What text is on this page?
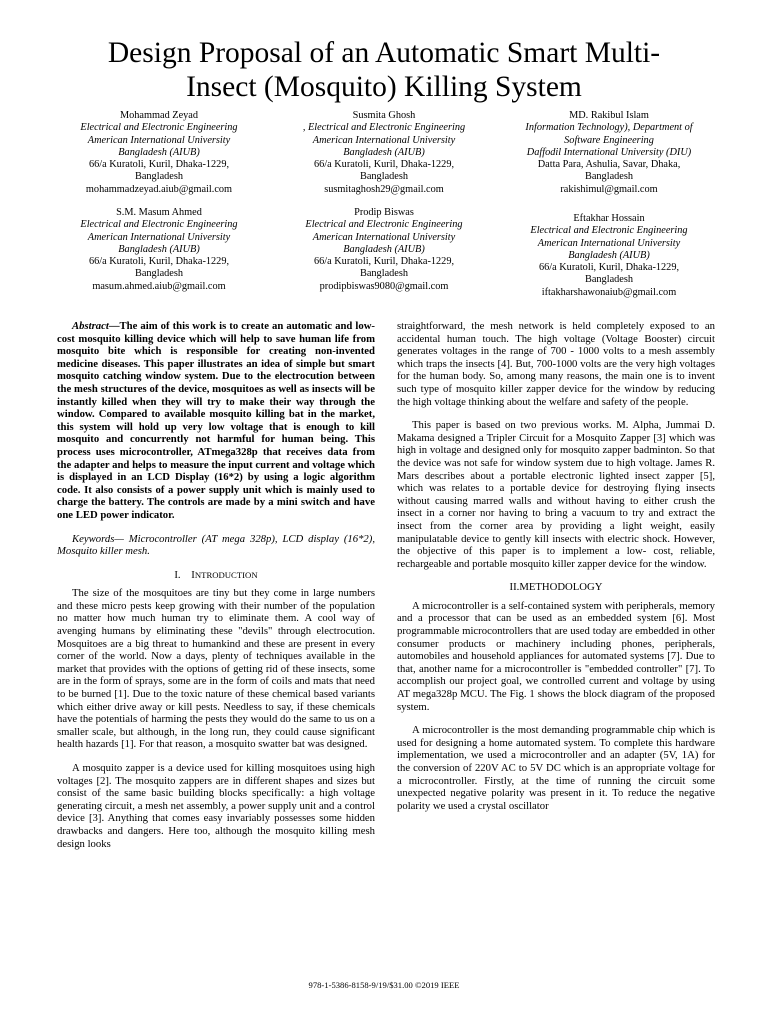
Design Proposal of an Automatic Smart Multi-
Insect (Mosquito) Killing System
Mohammad Zeyad
Electrical and Electronic Engineering
American International University
Bangladesh (AIUB)
66/a Kuratoli, Kuril, Dhaka-1229,
Bangladesh
mohammadzeyad.aiub@gmail.com
Susmita Ghosh
, Electrical and Electronic Engineering
American International University
Bangladesh (AIUB)
66/a Kuratoli, Kuril, Dhaka-1229,
Bangladesh
susmitaghosh29@gmail.com
MD. Rakibul Islam
Information Technology), Department of
Software Engineering
Daffodil International University (DIU)
Datta Para, Ashulia, Savar, Dhaka,
Bangladesh
rakishimul@gmail.com
S.M. Masum Ahmed
Electrical and Electronic Engineering
American International University
Bangladesh (AIUB)
66/a Kuratoli, Kuril, Dhaka-1229,
Bangladesh
masum.ahmed.aiub@gmail.com
Prodip Biswas
Electrical and Electronic Engineering
American International University
Bangladesh (AIUB)
66/a Kuratoli, Kuril, Dhaka-1229,
Bangladesh
prodipbiswas9080@gmail.com
Eftakhar Hossain
Electrical and Electronic Engineering
American International University
Bangladesh (AIUB)
66/a Kuratoli, Kuril, Dhaka-1229,
Bangladesh
iftakharshawonaiub@gmail.com

Abstract—The aim of this work is to create an automatic and low-cost mosquito killing device which will help to save human life from mosquito bite which is responsible for creating non-invented medicine diseases. This paper illustrates an idea of simple but smart mosquito catching window system. Due to the electrocution between the mesh structures of the device, mosquitoes as well as insects will be instantly killed when they will try to make their way through the window. Compared to available mosquito killing bat in the market, this system will hold up very low voltage that is enough to kill mosquito and concurrently not harmful for human being. This process uses microcontroller, ATmega328p that receives data from the adapter and helps to measure the input current and voltage which is displayed in an LCD Display (16*2) by using a logic algorithm code. It also consists of a power supply unit which is mainly used to charge the battery. The controls are made by a mini switch and have one LED power indicator.

Keywords— Microcontroller (AT mega 328p), LCD display (16*2), Mosquito killer mesh.

I. INTRODUCTION

The size of the mosquitoes are tiny but they come in large numbers and these micro pests keep growing with their number of the population no matter how much human try to eliminate them. A cool way of avenging humans by eliminating these "devils" through electrocution. Mosquitoes are a big threat to humankind and these are present in every corner of the world. Now a days, plenty of techniques available in the market that provides with the options of getting rid of these insects, some are in the form of sprays, some are in the form of coils and mats that need to be burned [1]. Due to the toxic nature of these chemical based variants which either drive away or kill pests. Needless to say, if these chemicals have the potentials of harming the pests they would do the same to us on a smaller scale, but although, in the long run, they could cause significant health hazards [1]. For that reason, a mosquito swatter bat was designed.

A mosquito zapper is a device used for killing mosquitoes using high voltages [2]. The mosquito zappers are in different shapes and sizes but consist of the same basic building blocks specifically: a high voltage generating circuit, a mesh net assembly, a power supply unit and a control device [3]. Anything that comes easy invariably possesses some hidden drawbacks and dangers. Here too, although the mosquito killing mesh design looks

straightforward, the mesh network is held completely exposed to an accidental human touch. The high voltage (Voltage Booster) circuit generates voltages in the range of 700 - 1000 volts to a mesh assembly which traps the insects [4]. But, 700-1000 volts are the very high voltages for the human body. So, among many reasons, the main one is to invent such type of mosquito killer zapper device for the window by reducing the high voltage thinking about the welfare and safety of the people.

This paper is based on two previous works. M. Alpha, Jummai D. Makama designed a Tripler Circuit for a Mosquito Zapper [3] which was high in voltage and designed only for mosquito zapper badminton. So that the device was not safe for window system due to high voltage. James R. Mars describes about a portable electronic lighted insect zapper [5], which was relates to a portable device for destroying flying insects without causing marred walls and without having to either crush the insect in a corner nor having to bring a vacuum to try and extract the insect from the corner area by providing a light weight, easily manipulatable device to gently kill insects with electric shock. However, the objective of this paper is to implement a low- cost, reliable, rechargeable and portable mosquito killer zapper device for the window.

II.METHODOLOGY

A microcontroller is a self-contained system with peripherals, memory and a processor that can be used as an embedded system [6]. Most programmable microcontrollers that are used today are embedded in other consumer products or machinery including phones, peripherals, automobiles and household appliances for automated systems [7]. Due to that, another name for a microcontroller is "embedded controller" [7]. To accomplish our project goal, we controlled current and voltage by using AT mega328p MCU. The Fig. 1 shows the block diagram of the proposed system.

A microcontroller is the most demanding programmable chip which is used for designing a home automated system. To complete this hardware implementation, we used a microcontroller and an adapter (5V, 1A) for the conversion of 220V AC to 5V DC which is an appropriate voltage for a microcontroller. Firstly, at the time of running the circuit some unexpected negative polarity was present in it. To reduce the negative polarity we used a crystal oscillator

978-1-5386-8158-9/19/$31.00 ©2019 IEEE
